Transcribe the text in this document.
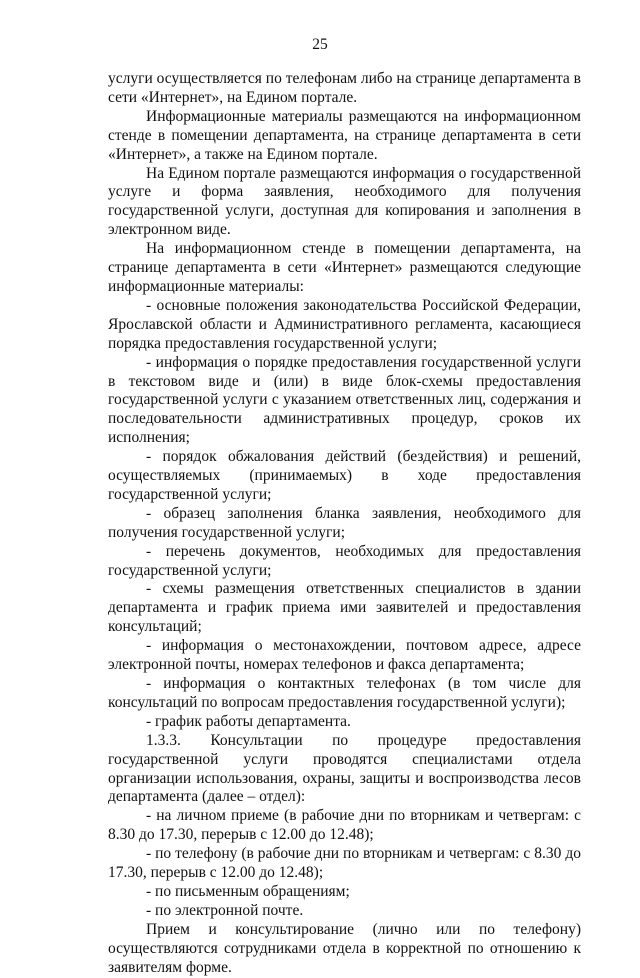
25

услуги осуществляется по телефонам либо на странице департамента в сети «Интернет», на Едином портале.

Информационные материалы размещаются на информационном стенде в помещении департамента, на странице департамента в сети «Интернет», а также на Едином портале.

На Едином портале размещаются информация о государственной услуге и форма заявления, необходимого для получения государственной услуги, доступная для копирования и заполнения в электронном виде.

На информационном стенде в помещении департамента, на странице департамента в сети «Интернет» размещаются следующие информационные материалы:

- основные положения законодательства Российской Федерации, Ярославской области и Административного регламента, касающиеся порядка предоставления государственной услуги;

- информация о порядке предоставления государственной услуги в текстовом виде и (или) в виде блок-схемы предоставления государственной услуги с указанием ответственных лиц, содержания и последовательности административных процедур, сроков их исполнения;

- порядок обжалования действий (бездействия) и решений, осуществляемых (принимаемых) в ходе предоставления государственной услуги;

- образец заполнения бланка заявления, необходимого для получения государственной услуги;

- перечень документов, необходимых для предоставления государственной услуги;

- схемы размещения ответственных специалистов в здании департамента и график приема ими заявителей и предоставления консультаций;

- информация о местонахождении, почтовом адресе, адресе электронной почты, номерах телефонов и факса департамента;

- информация о контактных телефонах (в том числе для консультаций по вопросам предоставления государственной услуги);

- график работы департамента.

1.3.3. Консультации по процедуре предоставления государственной услуги проводятся специалистами отдела организации использования, охраны, защиты и воспроизводства лесов департамента (далее – отдел):

- на личном приеме (в рабочие дни по вторникам и четвергам: с 8.30 до 17.30, перерыв с 12.00 до 12.48);

- по телефону (в рабочие дни по вторникам и четвергам: с 8.30 до 17.30, перерыв с 12.00 до 12.48);

- по письменным обращениям;

- по электронной почте.

Прием и консультирование (лично или по телефону) осуществляются сотрудниками отдела в корректной по отношению к заявителям форме.
